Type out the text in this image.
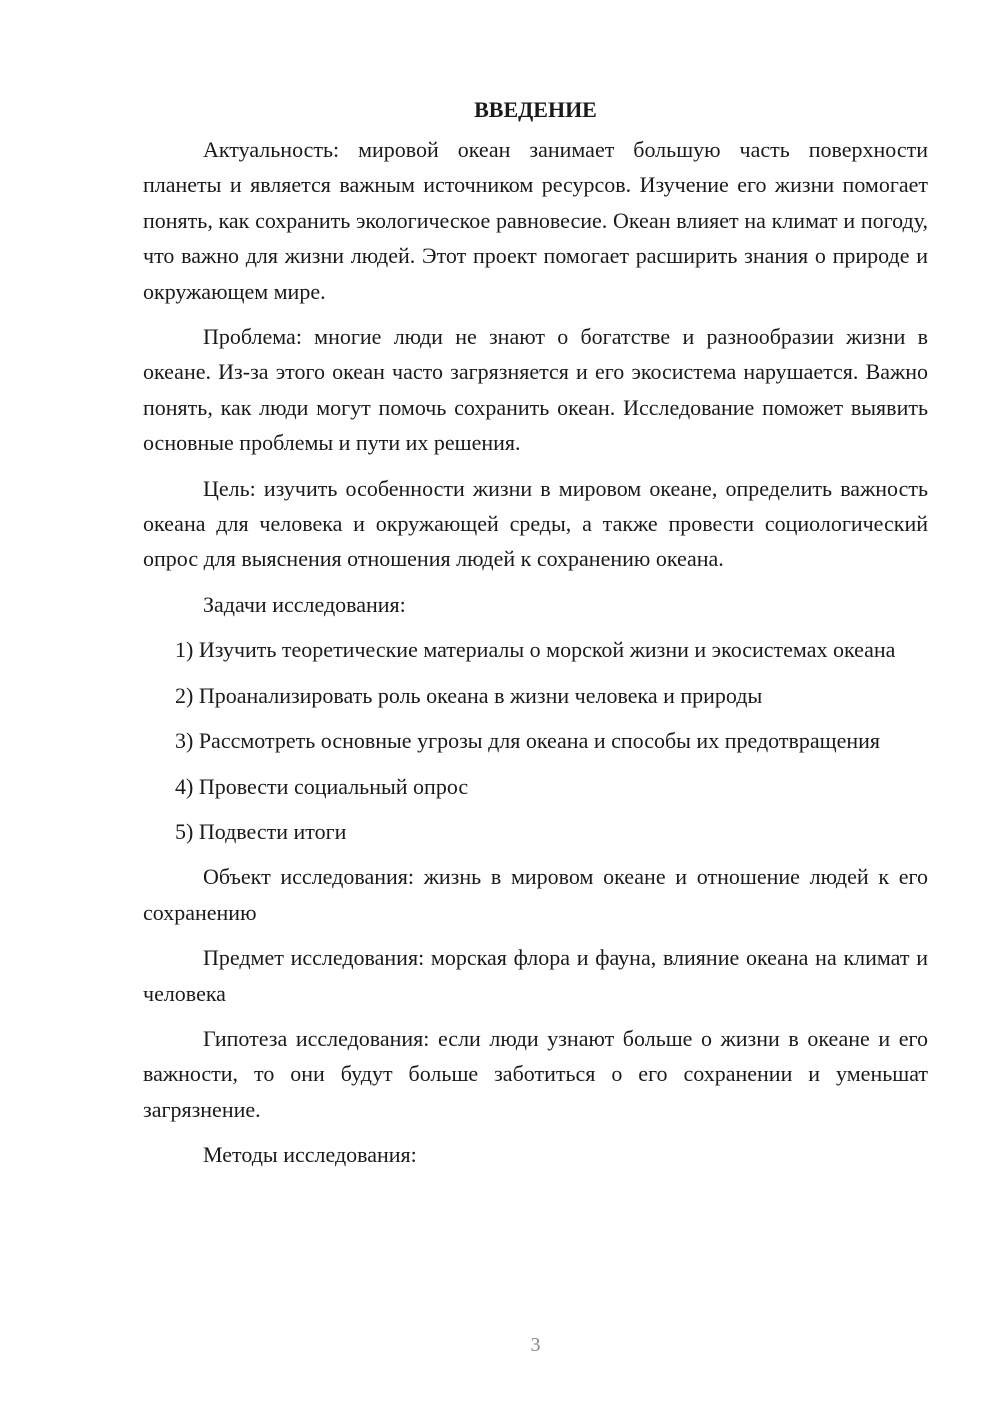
ВВЕДЕНИЕ

Актуальность: мировой океан занимает большую часть поверхности планеты и является важным источником ресурсов. Изучение его жизни помогает понять, как сохранить экологическое равновесие. Океан влияет на климат и погоду, что важно для жизни людей. Этот проект помогает расширить знания о природе и окружающем мире.

Проблема: многие люди не знают о богатстве и разнообразии жизни в океане. Из-за этого океан часто загрязняется и его экосистема нарушается. Важно понять, как люди могут помочь сохранить океан. Исследование поможет выявить основные проблемы и пути их решения.

Цель: изучить особенности жизни в мировом океане, определить важность океана для человека и окружающей среды, а также провести социологический опрос для выяснения отношения людей к сохранению океана.

Задачи исследования:

1) Изучить теоретические материалы о морской жизни и экосистемах океана

2) Проанализировать роль океана в жизни человека и природы

3) Рассмотреть основные угрозы для океана и способы их предотвращения

4) Провести социальный опрос

5) Подвести итоги

Объект исследования: жизнь в мировом океане и отношение людей к его сохранению

Предмет исследования: морская флора и фауна, влияние океана на климат и человека

Гипотеза исследования: если люди узнают больше о жизни в океане и его важности, то они будут больше заботиться о его сохранении и уменьшат загрязнение.

Методы исследования:

3
